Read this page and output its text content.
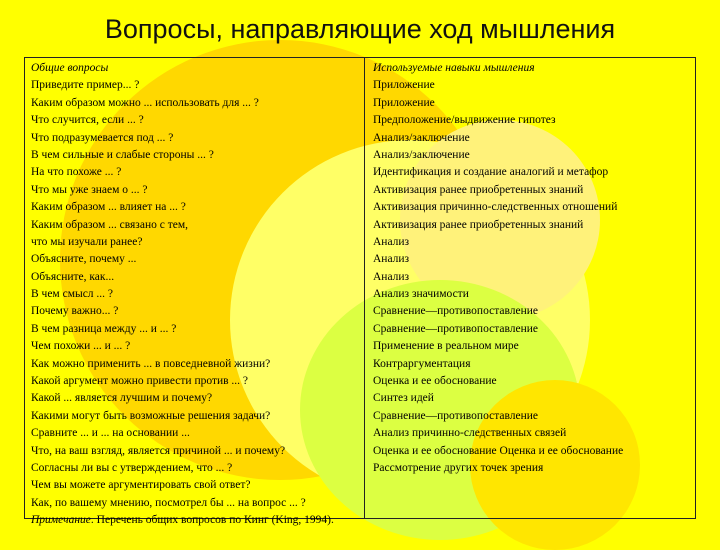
Вопросы, направляющие ход мышления
Общие вопросы
Приведите пример... ?
Каким образом можно ... использовать для ... ?
Что случится, если ... ?
Что подразумевается под ... ?
В чем сильные и слабые стороны ... ?
На что похоже ... ?
Что мы уже знаем о ... ?
Каким образом ... влияет на ... ?
Каким образом ... связано с тем,
что мы изучали ранее?
Объясните, почему ...
Объясните, как...
В чем смысл ... ?
Почему важно... ?
В чем разница между ... и ... ?
Чем похожи ... и ... ?
Как можно применить ... в повседневной жизни?
Какой аргумент можно привести против ... ?
Какой ... является лучшим и почему?
Какими могут быть возможные решения задачи?
Сравните ... и ... на основании ...
Что, на ваш взгляд, является причиной ... и почему?
Согласны ли вы с утверждением, что ... ?
Чем вы можете аргументировать свой ответ?
Как, по вашему мнению, посмотрел бы ... на вопрос ... ?
Примечание. Перечень общих вопросов по Кинг (King, 1994).
Используемые навыки мышления
Приложение
Приложение
Предположение/выдвижение гипотез
Анализ/заключение
Анализ/заключение
Идентификация и создание аналогий и метафор
Активизация ранее приобретенных знаний
Активизация причинно-следственных отношений
Активизация ранее приобретенных знаний
Анализ
Анализ
Анализ
Анализ значимости
Сравнение—противопоставление
Сравнение—противопоставление
Применение в реальном мире
Контраргументация
Оценка и ее обоснование
Синтез идей
Сравнение—противопоставление
Анализ причинно-следственных связей
Оценка и ее обоснование Оценка и ее обоснование
Рассмотрение других точек зрения
